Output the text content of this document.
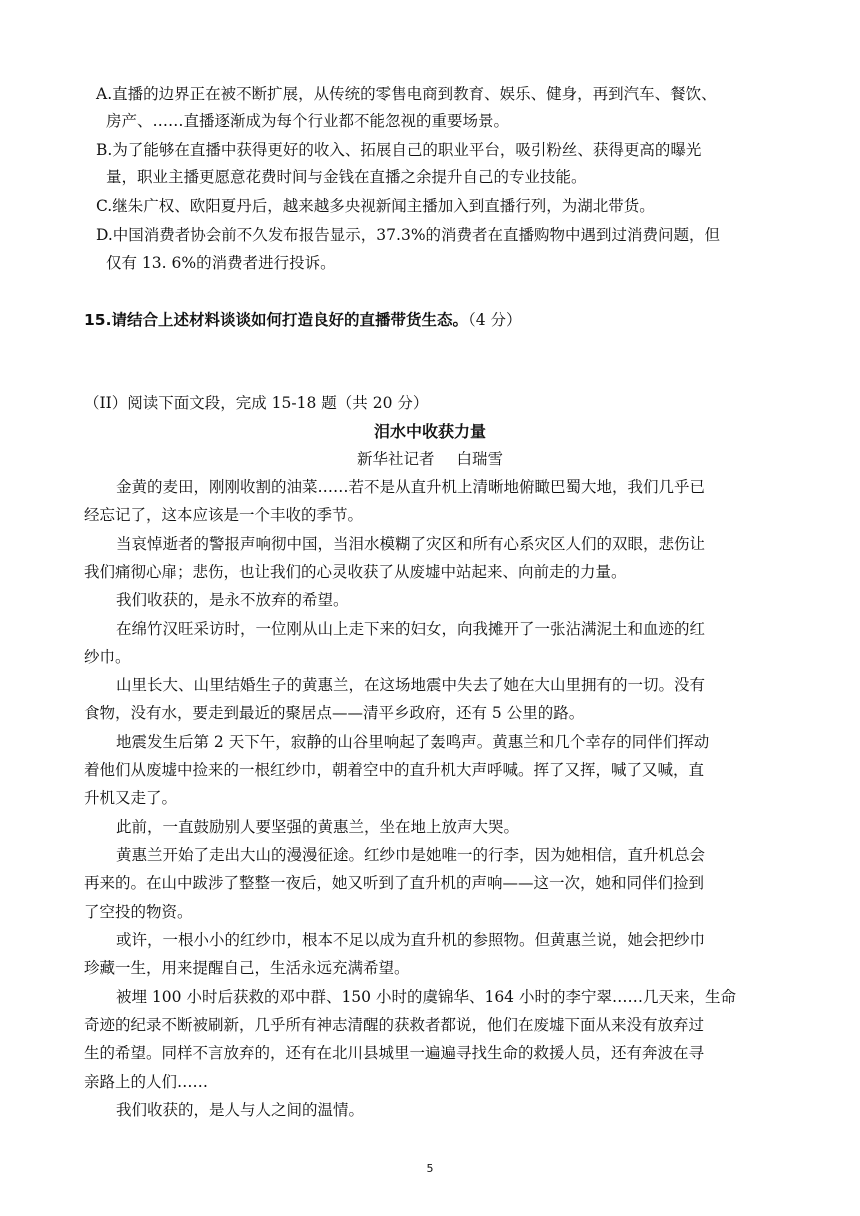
A.直播的边界正在被不断扩展，从传统的零售电商到教育、娱乐、健身，再到汽车、餐饮、
房产、……直播逐渐成为每个行业都不能忽视的重要场景。
B.为了能够在直播中获得更好的收入、拓展自己的职业平台，吸引粉丝、获得更高的曝光
量，职业主播更愿意花费时间与金钱在直播之余提升自己的专业技能。
C.继朱广权、欧阳夏丹后，越来越多央视新闻主播加入到直播行列，为湖北带货。
D.中国消费者协会前不久发布报告显示，37.3%的消费者在直播购物中遇到过消费问题，但
仅有 13. 6%的消费者进行投诉。
15.请结合上述材料谈谈如何打造良好的直播带货生态。（4 分）
（II）阅读下面文段，完成 15-18 题（共 20 分）
泪水中收获力量
新华社记者 白瑞雪
金黄的麦田，刚刚收割的油菜……若不是从直升机上清晰地俯瞰巴蜀大地，我们几乎已
经忘记了，这本应该是一个丰收的季节。
当哀悼逝者的警报声响彻中国，当泪水模糊了灾区和所有心系灾区人们的双眼，悲伤让
我们痛彻心扉；悲伤，也让我们的心灵收获了从废墟中站起来、向前走的力量。
我们收获的，是永不放弃的希望。
在绵竹汉旺采访时，一位刚从山上走下来的妇女，向我摊开了一张沾满泥土和血迹的红
纱巾。
山里长大、山里结婚生子的黄惠兰，在这场地震中失去了她在大山里拥有的一切。没有
食物，没有水，要走到最近的聚居点——清平乡政府，还有 5 公里的路。
地震发生后第 2 天下午，寂静的山谷里响起了轰鸣声。黄惠兰和几个幸存的同伴们挥动
着他们从废墟中捡来的一根红纱巾，朝着空中的直升机大声呼喊。挥了又挥，喊了又喊，直
升机又走了。
此前，一直鼓励别人要坚强的黄惠兰，坐在地上放声大哭。
黄惠兰开始了走出大山的漫漫征途。红纱巾是她唯一的行李，因为她相信，直升机总会
再来的。在山中跋涉了整整一夜后，她又听到了直升机的声响——这一次，她和同伴们捡到
了空投的物资。
或许，一根小小的红纱巾，根本不足以成为直升机的参照物。但黄惠兰说，她会把纱巾
珍藏一生，用来提醒自己，生活永远充满希望。
被埋 100 小时后获救的邓中群、150 小时的虞锦华、164 小时的李宁翠……几天来，生命
奇迹的纪录不断被刷新，几乎所有神志清醒的获救者都说，他们在废墟下面从来没有放弃过
生的希望。同样不言放弃的，还有在北川县城里一遍遍寻找生命的救援人员，还有奔波在寻
亲路上的人们……
我们收获的，是人与人之间的温情。
5
